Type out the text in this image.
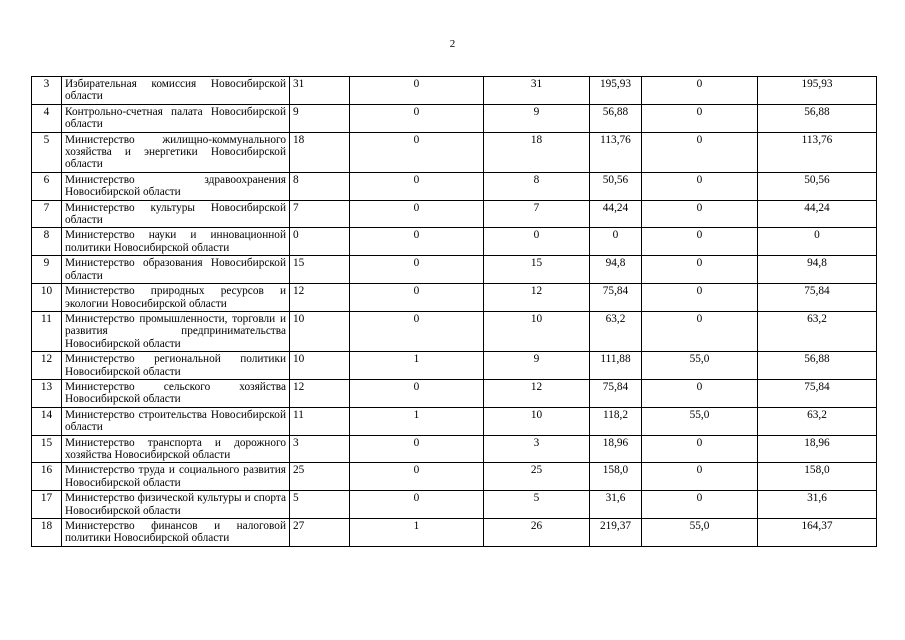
2
3	Избирательная комиссия Новосибирской области	31	0	31	195,93	0	195,93
4	Контрольно-счетная палата Новосибирской области	9	0	9	56,88	0	56,88
5	Министерство жилищно-коммунального хозяйства и энергетики Новосибирской области	18	0	18	113,76	0	113,76
6	Министерство здравоохранения Новосибирской области	8	0	8	50,56	0	50,56
7	Министерство культуры Новосибирской области	7	0	7	44,24	0	44,24
8	Министерство науки и инновационной политики Новосибирской области	0	0	0	0	0	0
9	Министерство образования Новосибирской области	15	0	15	94,8	0	94,8
10	Министерство природных ресурсов и экологии Новосибирской области	12	0	12	75,84	0	75,84
11	Министерство промышленности, торговли и развития предпринимательства Новосибирской области	10	0	10	63,2	0	63,2
12	Министерство региональной политики Новосибирской области	10	1	9	111,88	55,0	56,88
13	Министерство сельского хозяйства Новосибирской области	12	0	12	75,84	0	75,84
14	Министерство строительства Новосибирской области	11	1	10	118,2	55,0	63,2
15	Министерство транспорта и дорожного хозяйства Новосибирской области	3	0	3	18,96	0	18,96
16	Министерство труда и социального развития Новосибирской области	25	0	25	158,0	0	158,0
17	Министерство физической культуры и спорта Новосибирской области	5	0	5	31,6	0	31,6
18	Министерство финансов и налоговой политики Новосибирской области	27	1	26	219,37	55,0	164,37
